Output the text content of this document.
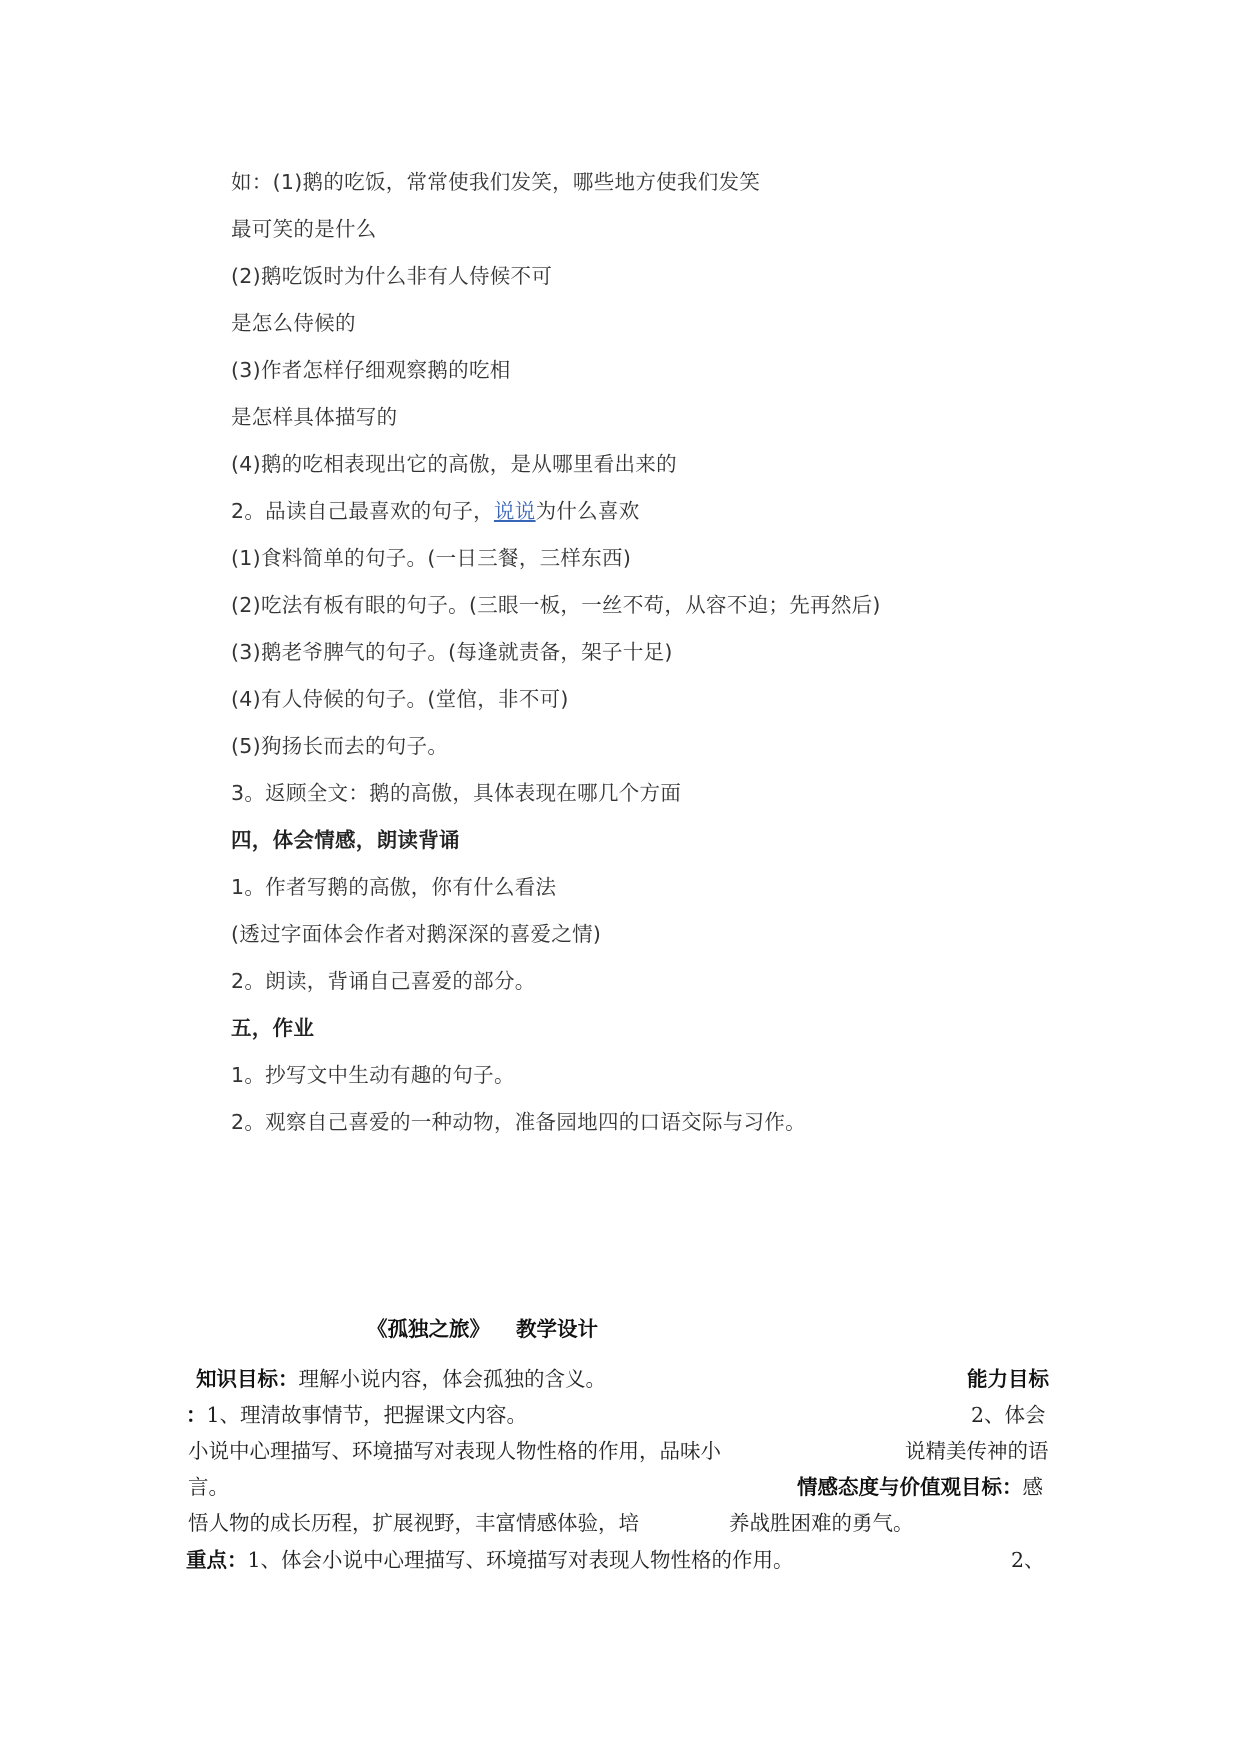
如：(1)鹅的吃饭，常常使我们发笑，哪些地方使我们发笑
最可笑的是什么
(2)鹅吃饭时为什么非有人侍候不可
是怎么侍候的
(3)作者怎样仔细观察鹅的吃相
是怎样具体描写的
(4)鹅的吃相表现出它的高傲，是从哪里看出来的
2。品读自己最喜欢的句子，说说为什么喜欢
(1)食料简单的句子。(一日三餐，三样东西)
(2)吃法有板有眼的句子。(三眼一板，一丝不苟，从容不迫；先再然后)
(3)鹅老爷脾气的句子。(每逢就责备，架子十足)
(4)有人侍候的句子。(堂倌，非不可)
(5)狗扬长而去的句子。
3。返顾全文：鹅的高傲，具体表现在哪几个方面
四，体会情感，朗读背诵
1。作者写鹅的高傲，你有什么看法
(透过字面体会作者对鹅深深的喜爱之情)
2。朗读，背诵自己喜爱的部分。
五，作业
1。抄写文中生动有趣的句子。
2。观察自己喜爱的一种动物，准备园地四的口语交际与习作。
《孤独之旅》 教学设计
知识目标：理解小说内容，体会孤独的含义。	能力目标
：1、理清故事情节，把握课文内容。	2、体会
小说中心理描写、环境描写对表现人物性格的作用，品味小	说精美传神的语
言。	情感态度与价值观目标：感
悟人物的成长历程，扩展视野，丰富情感体验，培	养战胜困难的勇气。
重点：1、体会小说中心理描写、环境描写对表现人物性格的作用。	2、
